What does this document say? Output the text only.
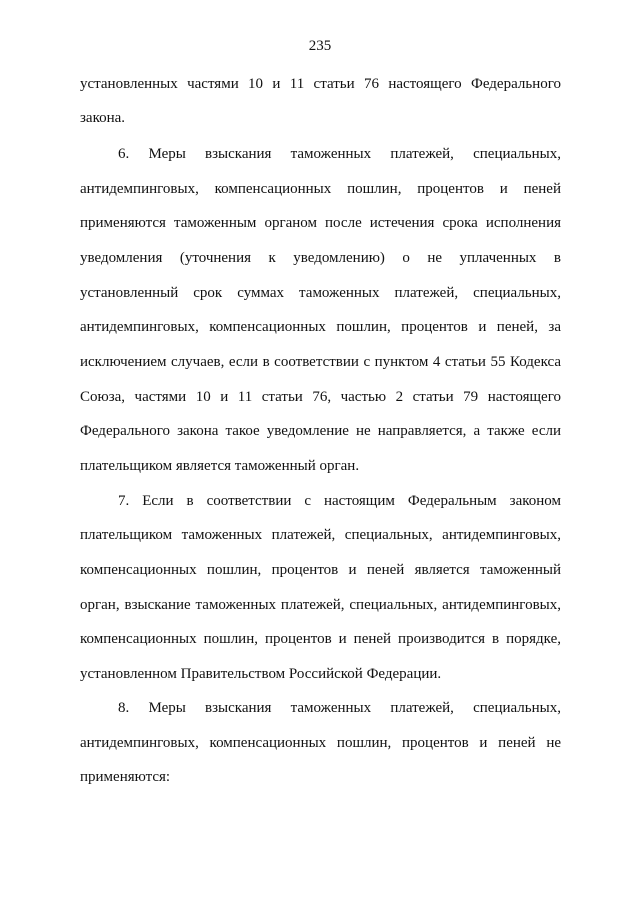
235
установленных частями 10 и 11 статьи 76 настоящего Федерального
закона.
6. Меры взыскания таможенных платежей, специальных,
антидемпинговых, компенсационных пошлин, процентов и пеней
применяются таможенным органом после истечения срока исполнения
уведомления (уточнения к уведомлению) о не уплаченных в
установленный срок суммах таможенных платежей, специальных,
антидемпинговых, компенсационных пошлин, процентов и пеней, за
исключением случаев, если в соответствии с пунктом 4 статьи 55 Кодекса
Союза, частями 10 и 11 статьи 76, частью 2 статьи 79 настоящего
Федерального закона такое уведомление не направляется, а также если
плательщиком является таможенный орган.
7. Если в соответствии с настоящим Федеральным законом
плательщиком таможенных платежей, специальных, антидемпинговых,
компенсационных пошлин, процентов и пеней является таможенный
орган, взыскание таможенных платежей, специальных, антидемпинговых,
компенсационных пошлин, процентов и пеней производится в порядке,
установленном Правительством Российской Федерации.
8. Меры взыскания таможенных платежей, специальных,
антидемпинговых, компенсационных пошлин, процентов и пеней не
применяются:
